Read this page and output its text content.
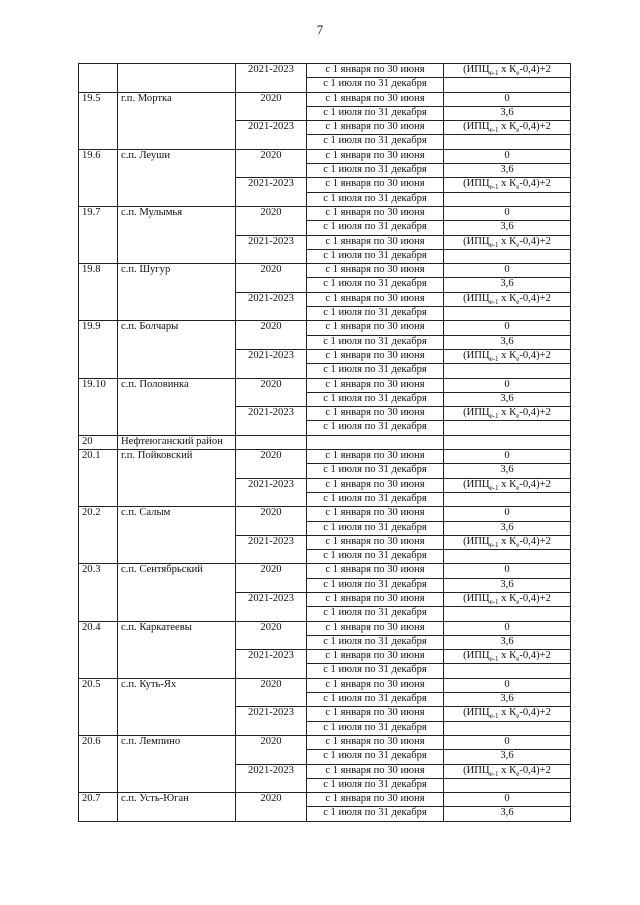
7
		2021-2023	с 1 января по 30 июня	($ИПЦ_{е-1}$ х $К_е-0,4)+2$
			с 1 июля по 31 декабря	
19.5	г.п. Мортка	2020	с 1 января по 30 июня	0
			с 1 июля по 31 декабря	3,6
		2021-2023	с 1 января по 30 июня	($ИПЦ_{е-1}$ х $К_е-0,4)+2$
			с 1 июля по 31 декабря	
19.6	с.п. Леуши	2020	с 1 января по 30 июня	0
			с 1 июля по 31 декабря	3,6
		2021-2023	с 1 января по 30 июня	($ИПЦ_{е-1}$ х $К_е-0,4)+2$
			с 1 июля по 31 декабря	
19.7	с.п. Мулымья	2020	с 1 января по 30 июня	0
			с 1 июля по 31 декабря	3,6
		2021-2023	с 1 января по 30 июня	($ИПЦ_{е-1}$ х $К_е-0,4)+2$
			с 1 июля по 31 декабря	
19.8	с.п. Шугур	2020	с 1 января по 30 июня	0
			с 1 июля по 31 декабря	3,6
		2021-2023	с 1 января по 30 июня	($ИПЦ_{е-1}$ х $К_е-0,4)+2$
			с 1 июля по 31 декабря	
19.9	с.п. Болчары	2020	с 1 января по 30 июня	0
			с 1 июля по 31 декабря	3,6
		2021-2023	с 1 января по 30 июня	($ИПЦ_{е-1}$ х $К_е-0,4)+2$
			с 1 июля по 31 декабря	
19.10	с.п. Половинка	2020	с 1 января по 30 июня	0
			с 1 июля по 31 декабря	3,6
		2021-2023	с 1 января по 30 июня	($ИПЦ_{е-1}$ х $К_е-0,4)+2$
			с 1 июля по 31 декабря	
20	Нефтеюганский район			
20.1	г.п. Пойковский	2020	с 1 января по 30 июня	0
			с 1 июля по 31 декабря	3,6
		2021-2023	с 1 января по 30 июня	($ИПЦ_{е-1}$ х $К_е-0,4)+2$
			с 1 июля по 31 декабря	
20.2	с.п. Салым	2020	с 1 января по 30 июня	0
			с 1 июля по 31 декабря	3,6
		2021-2023	с 1 января по 30 июня	($ИПЦ_{е-1}$ х $К_е-0,4)+2$
			с 1 июля по 31 декабря	
20.3	с.п. Сентябрьский	2020	с 1 января по 30 июня	0
			с 1 июля по 31 декабря	3,6
		2021-2023	с 1 января по 30 июня	($ИПЦ_{е-1}$ х $К_е-0,4)+2$
			с 1 июля по 31 декабря	
20.4	с.п. Каркатеевы	2020	с 1 января по 30 июня	0
			с 1 июля по 31 декабря	3,6
		2021-2023	с 1 января по 30 июня	($ИПЦ_{е-1}$ х $К_е-0,4)+2$
			с 1 июля по 31 декабря	
20.5	с.п. Куть-Ях	2020	с 1 января по 30 июня	0
			с 1 июля по 31 декабря	3,6
		2021-2023	с 1 января по 30 июня	($ИПЦ_{е-1}$ х $К_е-0,4)+2$
			с 1 июля по 31 декабря	
20.6	с.п. Лемпино	2020	с 1 января по 30 июня	0
			с 1 июля по 31 декабря	3,6
		2021-2023	с 1 января по 30 июня	($ИПЦ_{е-1}$ х $К_е-0,4)+2$
			с 1 июля по 31 декабря	
20.7	с.п. Усть-Юган	2020	с 1 января по 30 июня	0
			с 1 июля по 31 декабря	3,6
